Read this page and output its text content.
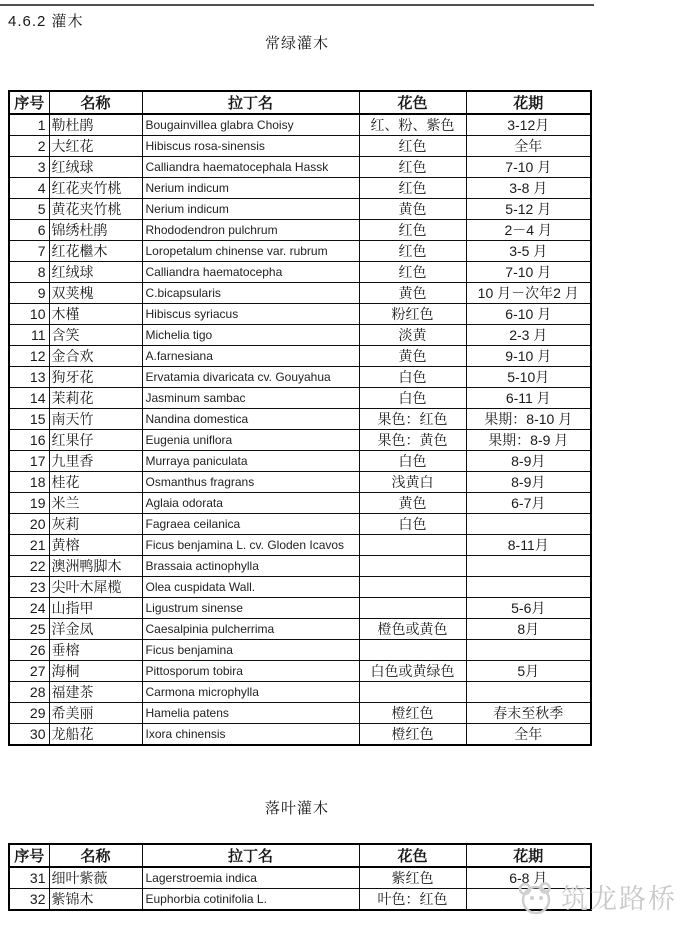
4.6.2 灌木
常绿灌木
序号	名称	拉丁名	花色	花期
1	勒杜鹃	Bougainvillea glabra Choisy	红、粉、紫色	3-12月
2	大红花	Hibiscus rosa-sinensis	红色	全年
3	红绒球	Calliandra haematocephala Hassk	红色	7-10 月
4	红花夹竹桃	Nerium indicum	红色	3-8 月
5	黄花夹竹桃	Nerium indicum	黄色	5-12 月
6	锦绣杜鹃	Rhododendron pulchrum	红色	2－4 月
7	红花檵木	Loropetalum chinense var. rubrum	红色	3-5 月
8	红绒球	Calliandra haematocepha	红色	7-10 月
9	双荚槐	C.bicapsularis	黄色	10 月－次年2 月
10	木槿	Hibiscus syriacus	粉红色	6-10 月
11	含笑	Michelia tigo	淡黄	2-3 月
12	金合欢	A.farnesiana	黄色	9-10 月
13	狗牙花	Ervatamia divaricata cv. Gouyahua	白色	5-10月
14	茉莉花	Jasminum sambac	白色	6-11 月
15	南天竹	Nandina domestica	果色：红色	果期：8-10 月
16	红果仔	Eugenia uniflora	果色：黄色	果期：8-9 月
17	九里香	Murraya paniculata	白色	8-9月
18	桂花	Osmanthus fragrans	浅黄白	8-9月
19	米兰	Aglaia odorata	黄色	6-7月
20	灰莉	Fagraea ceilanica	白色	
21	黄榕	Ficus benjamina L. cv. Gloden Icavos		8-11月
22	澳洲鸭脚木	Brassaia actinophylla		
23	尖叶木犀榄	Olea cuspidata Wall.		
24	山指甲	Ligustrum sinense		5-6月
25	洋金凤	Caesalpinia pulcherrima	橙色或黄色	8月
26	垂榕	Ficus benjamina		
27	海桐	Pittosporum tobira	白色或黄绿色	5月
28	福建茶	Carmona microphylla		
29	希美丽	Hamelia patens	橙红色	春末至秋季
30	龙船花	Ixora chinensis	橙红色	全年
落叶灌木
序号	名称	拉丁名	花色	花期
31	细叶紫薇	Lagerstroemia indica	紫红色	6-8 月
32	紫锦木	Euphorbia cotinifolia L.	叶色：红色		筑龙路桥
